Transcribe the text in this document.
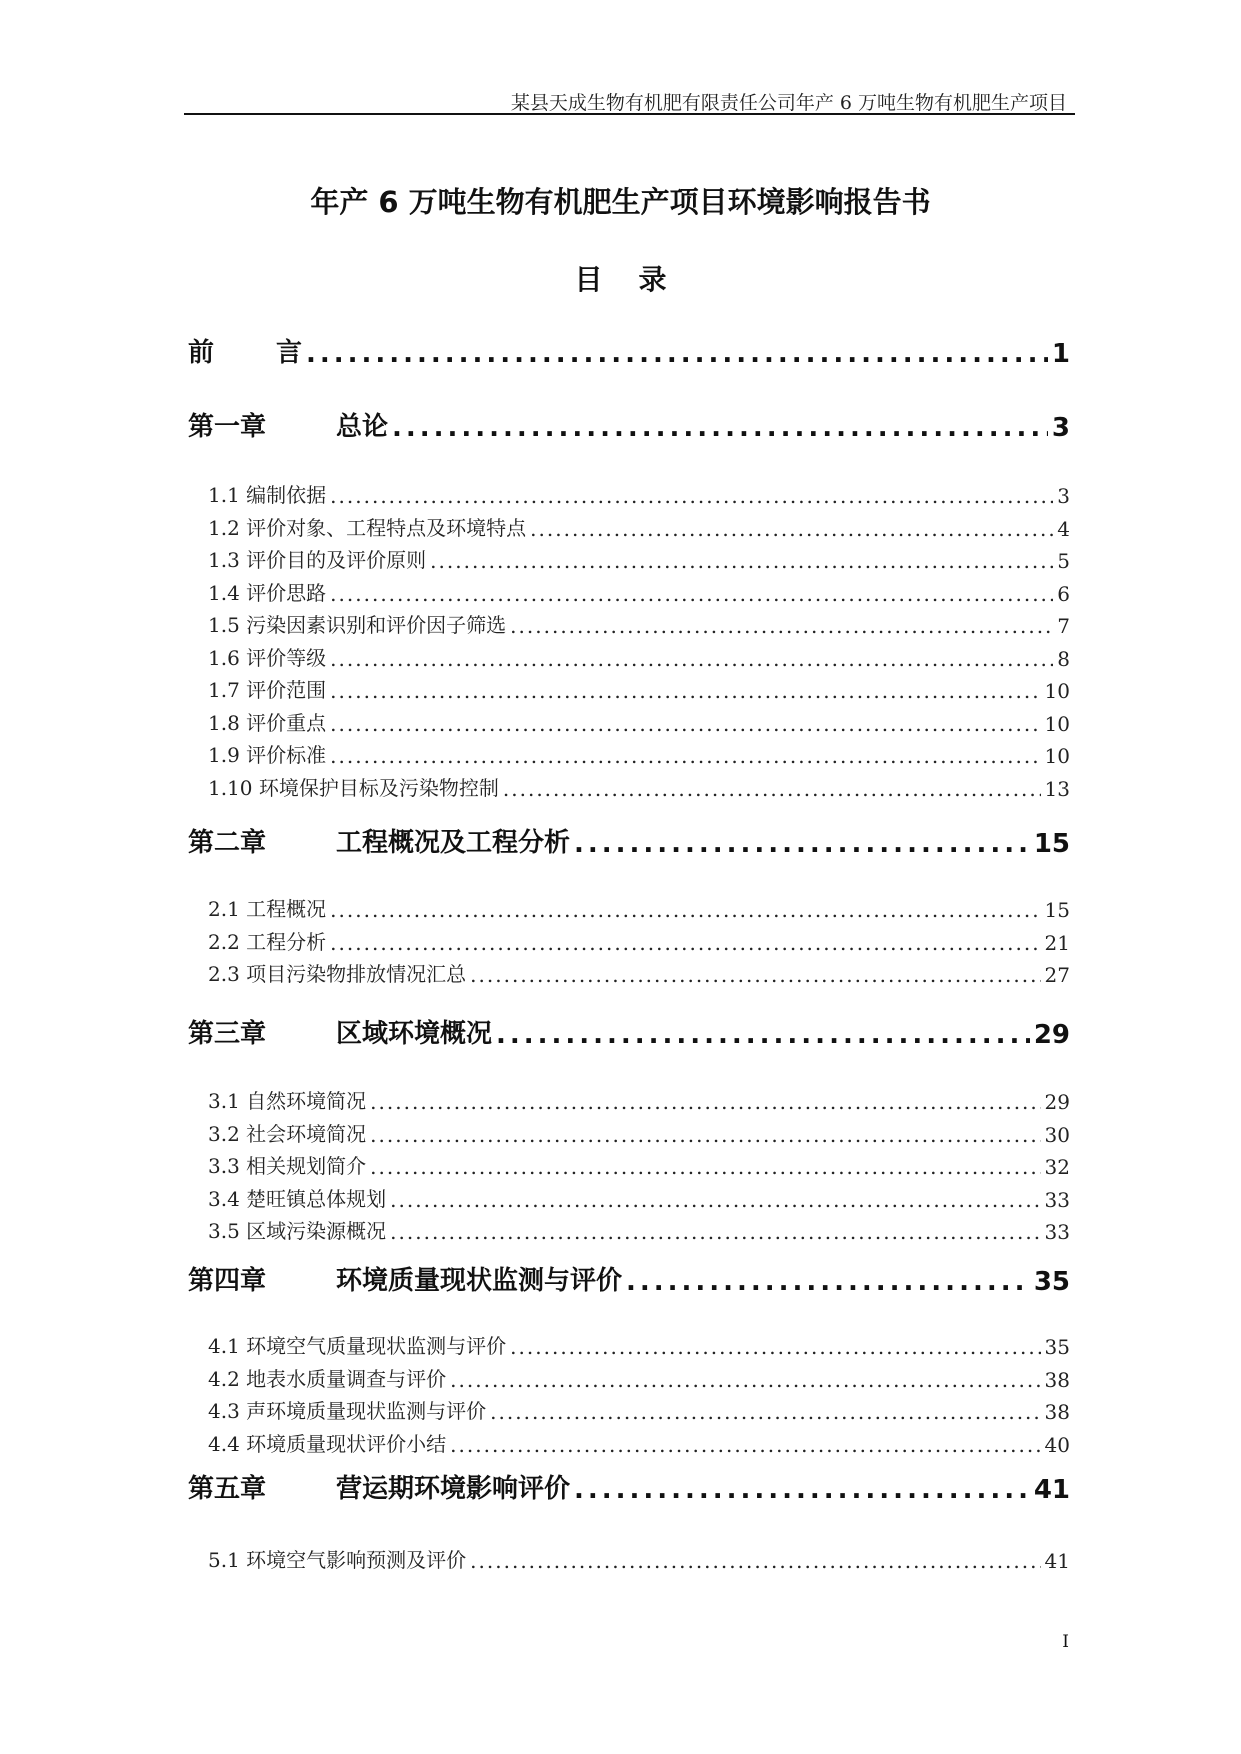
某县天成生物有机肥有限责任公司年产 6 万吨生物有机肥生产项目
年产 6 万吨生物有机肥生产项目环境影响报告书
目 录
前 言 .....	1
第一章	总论 .....	3
1.1 编制依据 .....	3
1.2 评价对象、工程特点及环境特点 .....	4
1.3 评价目的及评价原则 .....	5
1.4 评价思路 .....	6
1.5 污染因素识别和评价因子筛选 .....	7
1.6 评价等级 .....	8
1.7 评价范围 .....	10
1.8 评价重点 .....	10
1.9 评价标准 .....	10
1.10 环境保护目标及污染物控制 .....	13
第二章	工程概况及工程分析 .....	15
2.1 工程概况 .....	15
2.2 工程分析 .....	21
2.3 项目污染物排放情况汇总 .....	27
第三章	区域环境概况 .....	29
3.1 自然环境简况 .....	29
3.2 社会环境简况 .....	30
3.3 相关规划简介 .....	32
3.4 楚旺镇总体规划 .....	33
3.5 区域污染源概况 .....	33
第四章	环境质量现状监测与评价 .....	35
4.1 环境空气质量现状监测与评价 .....	35
4.2 地表水质量调查与评价 .....	38
4.3 声环境质量现状监测与评价 .....	38
4.4 环境质量现状评价小结 .....	40
第五章	营运期环境影响评价 .....	41
5.1 环境空气影响预测及评价 .....	41
I
